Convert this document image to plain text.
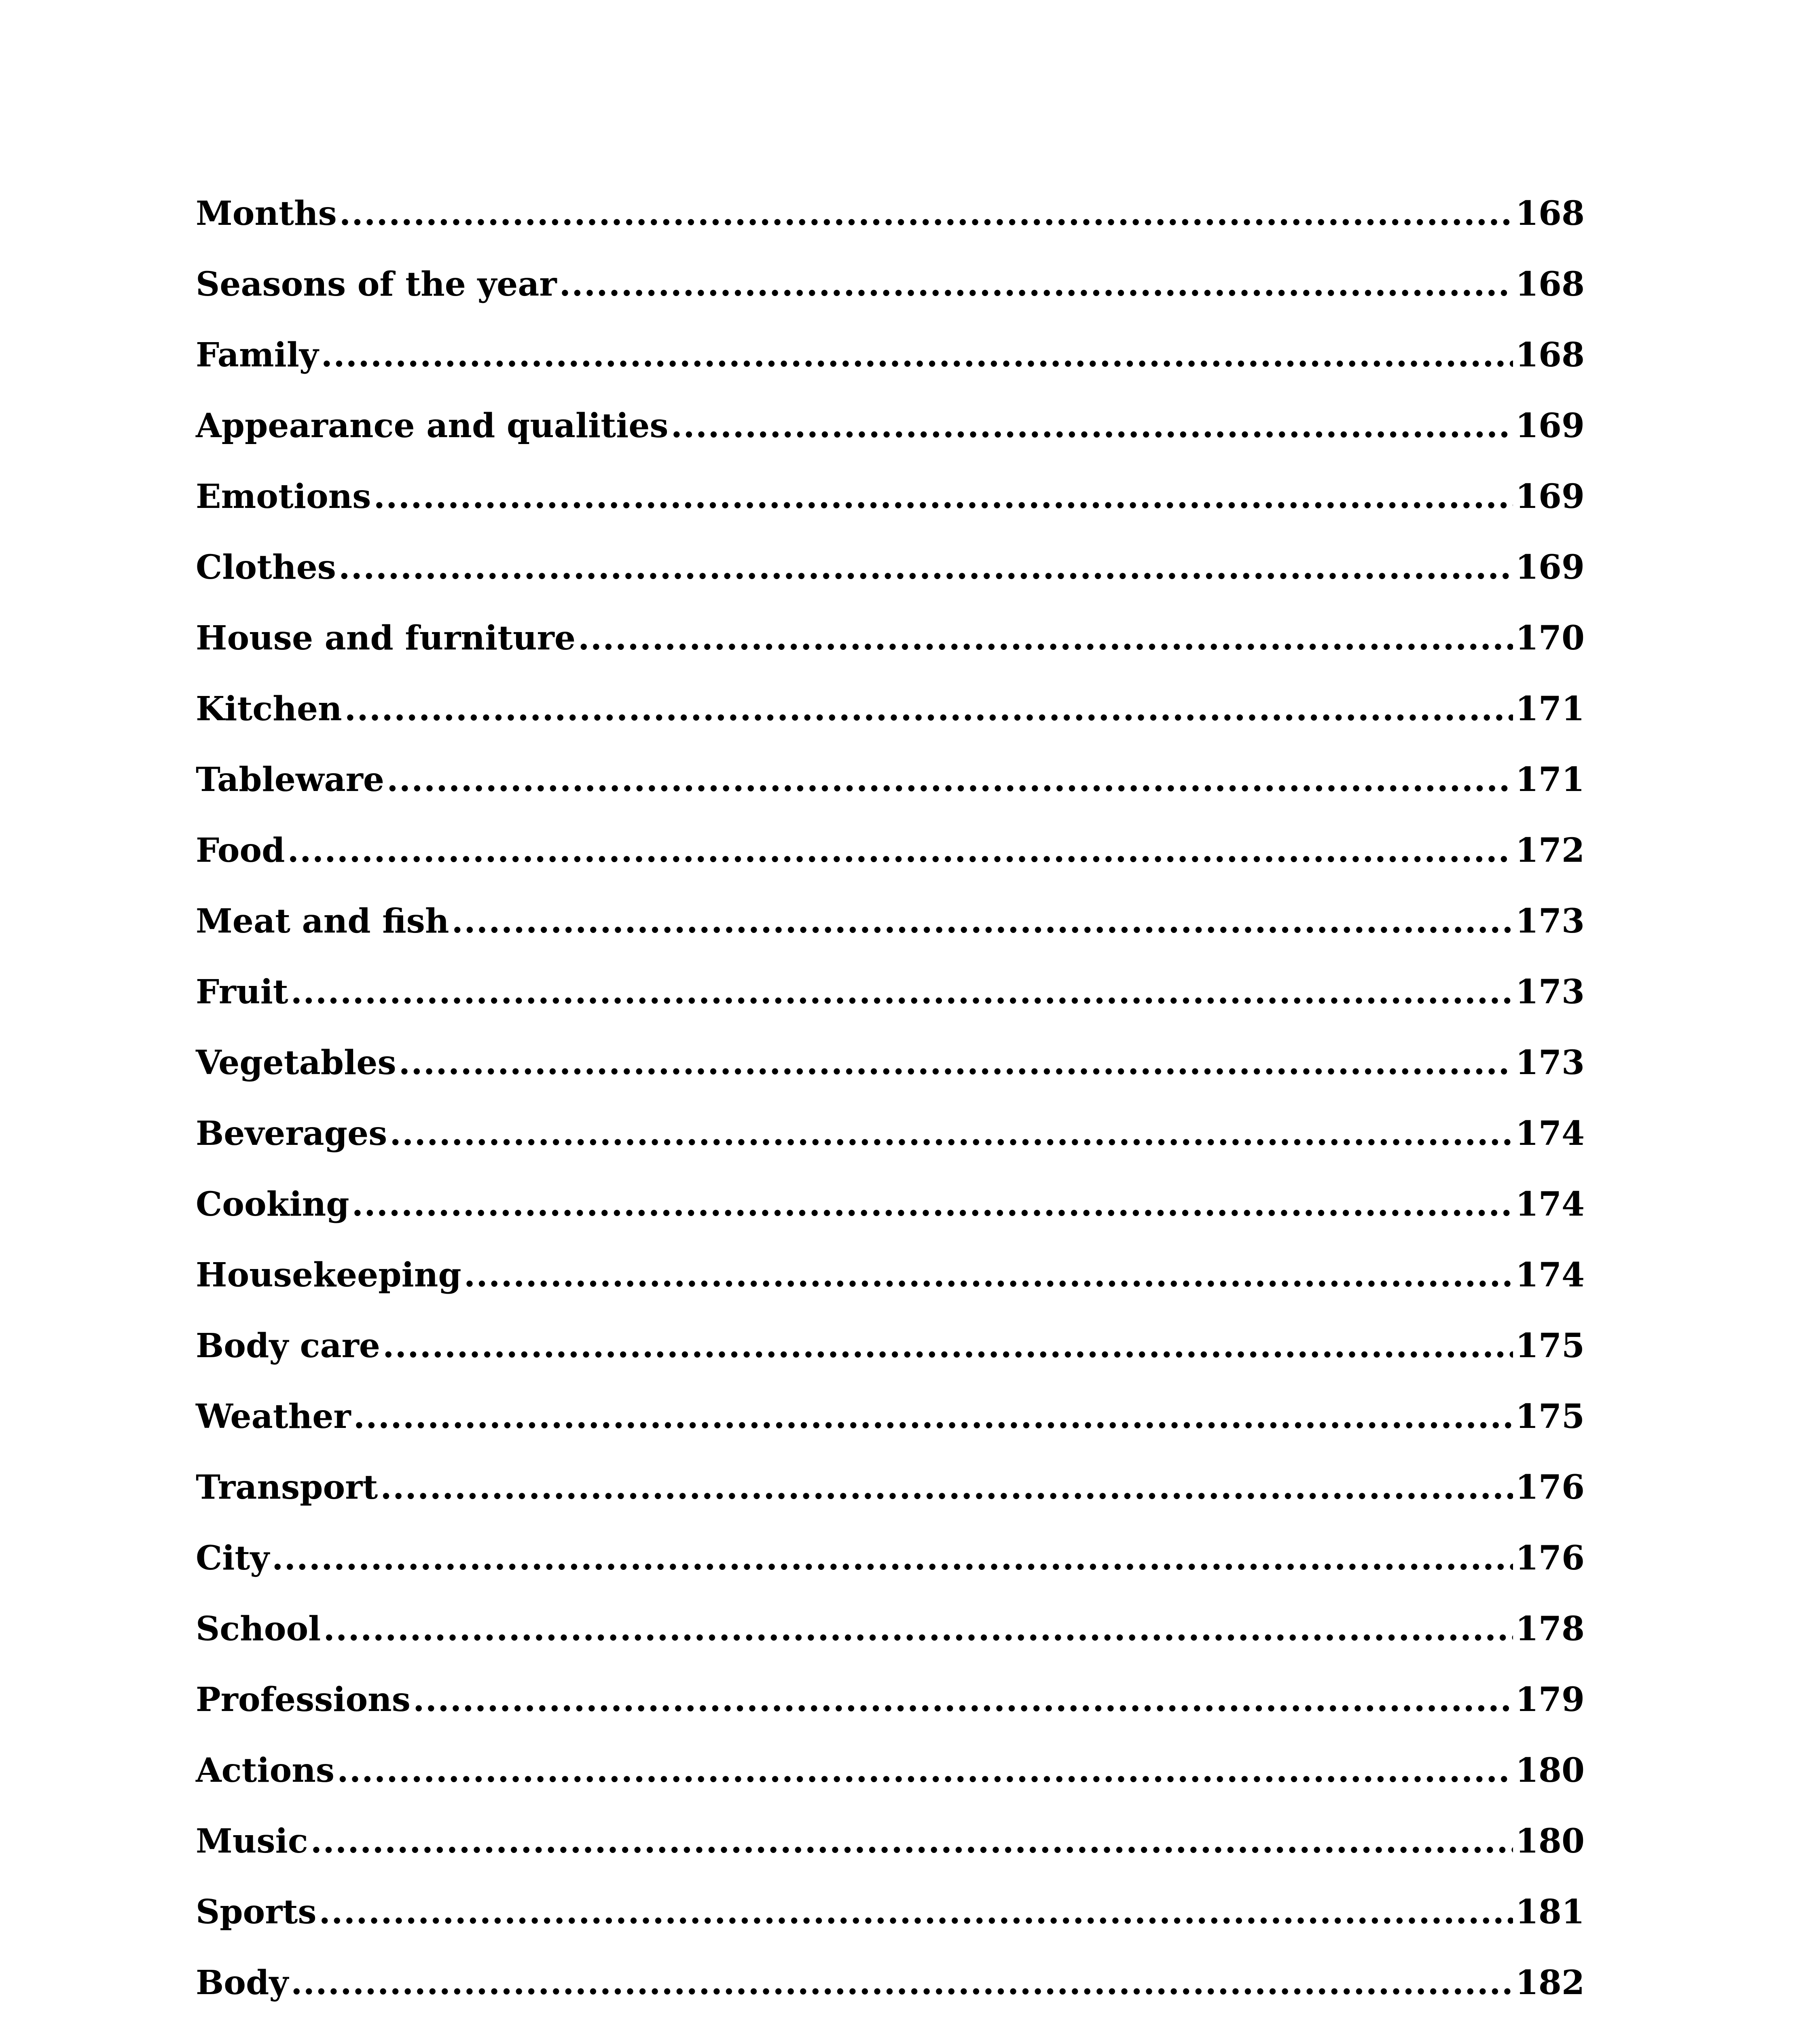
Months .....	168
Seasons of the year .....	168
Family .....	168
Appearance and qualities .....	169
Emotions .....	169
Clothes .....	169
House and furniture .....	170
Kitchen .....	171
Tableware .....	171
Food .....	172
Meat and fish .....	173
Fruit .....	173
Vegetables .....	173
Beverages .....	174
Cooking .....	174
Housekeeping .....	174
Body care .....	175
Weather .....	175
Transport .....	176
City .....	176
School .....	178
Professions .....	179
Actions .....	180
Music .....	180
Sports .....	181
Body .....	182
